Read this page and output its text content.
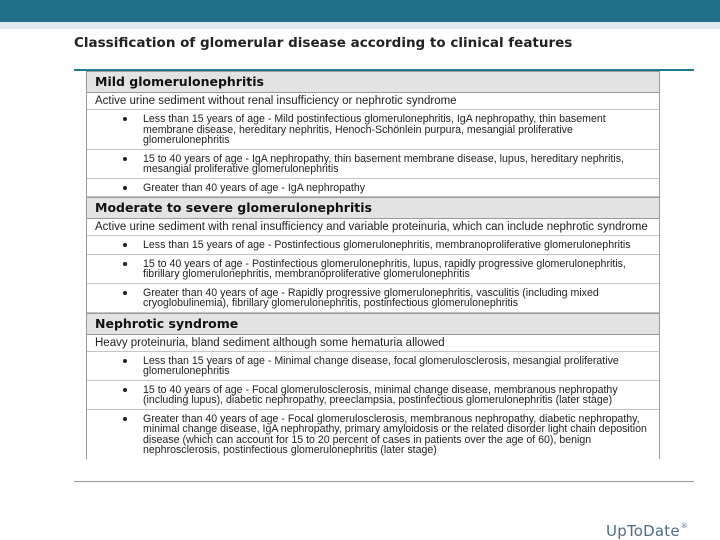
Classification of glomerular disease according to clinical features
Mild glomerulonephritis
Active urine sediment without renal insufficiency or nephrotic syndrome
Less than 15 years of age - Mild postinfectious glomerulonephritis, IgA nephropathy, thin basement membrane disease, hereditary nephritis, Henoch-Schönlein purpura, mesangial proliferative glomerulonephritis
15 to 40 years of age - IgA nephropathy, thin basement membrane disease, lupus, hereditary nephritis, mesangial proliferative glomerulonephritis
Greater than 40 years of age - IgA nephropathy
Moderate to severe glomerulonephritis
Active urine sediment with renal insufficiency and variable proteinuria, which can include nephrotic syndrome
Less than 15 years of age - Postinfectious glomerulonephritis, membranoproliferative glomerulonephritis
15 to 40 years of age - Postinfectious glomerulonephritis, lupus, rapidly progressive glomerulonephritis, fibrillary glomerulonephritis, membranoproliferative glomerulonephritis
Greater than 40 years of age - Rapidly progressive glomerulonephritis, vasculitis (including mixed cryoglobulinemia), fibrillary glomerulonephritis, postinfectious glomerulonephritis
Nephrotic syndrome
Heavy proteinuria, bland sediment although some hematuria allowed
Less than 15 years of age - Minimal change disease, focal glomerulosclerosis, mesangial proliferative glomerulonephritis
15 to 40 years of age - Focal glomerulosclerosis, minimal change disease, membranous nephropathy (including lupus), diabetic nephropathy, preeclampsia, postinfectious glomerulonephritis (later stage)
Greater than 40 years of age - Focal glomerulosclerosis, membranous nephropathy, diabetic nephropathy, minimal change disease, IgA nephropathy, primary amyloidosis or the related disorder light chain deposition disease (which can account for 15 to 20 percent of cases in patients over the age of 60), benign nephrosclerosis, postinfectious glomerulonephritis (later stage)
UpToDate®
